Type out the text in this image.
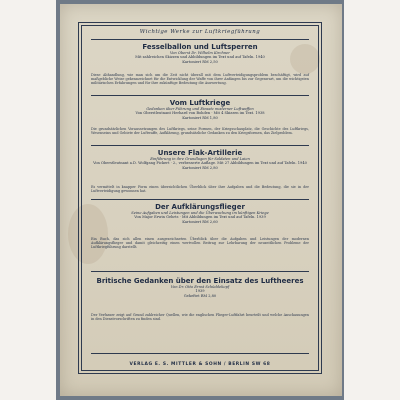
Wichtige Werke zur Luftkriegführung
Fesselballon und Luftsperren
Von Oberst Dr. Wilhelm Kirchner
Mit zahlreichen Skizzen und Abbildungen im Text und auf Tafeln. 1940
Kartoniert RM 2,50
Diese Abhandlung, wie man sich um die Zeit nicht überall mit dem Luftverteidigungsproblem beschäftigt, wird auf maßgebliche Weise gekennzeichnet für die Entwicklung der Waffe von ihrer Anfängen bis zur Gegenwart, um die wichtigsten militärischen Erfahrungen und für ihre zukünftige Bedeutung die Auswertung.
Vom Luftkriege
Gedanken über Führung und Einsatz moderner Luftwaffen
Von Oberstleutnant Herhard von Bohden · Mit 4 Skizzen im Text. 1938
Kartoniert RM 1,80
Die grundsätzlichen Voraussetzungen des Luftkriegs, seine Formen, der Kriegsschauplatz, die Geschichte des Luftkriegs, Wesenseins und Gebiete der Luftwaffe, Aufklärung, grundsätzliche Gedanken zu den Kriegsformen, das Zielproblem.
Unsere Flak-Artillerie
Einführung in ihre Grundlagen für Soldaten und Laien
Von Oberstleutnant a.D. Wolfgang Pickert · 2., verbesserte Auflage. Mit 27 Abbildungen im Text und auf Tafeln. 1940
Kartoniert RM 2,80
Es vermittelt in knapper Form einen übersichtlichen Überblick über ihre Aufgaben und die Bedeutung, die sie in der Luftverteidigung gewonnen hat.
Der Aufklärungsflieger
Seine Aufgaben und Leistungen und die Überwachung im künftigen Kriege
Von Major Erwin Gehrts · Mit Abbildungen im Text und auf Tafeln. 1939
Kartoniert RM 2,60
Ein Buch, das sich allen einen ausgezeichneten Überblick über die Aufgaben und Leistungen der modernen Aufklärungsflieger und damit gleichzeitig einen wertvollen Beitrag zur Lehrbarung der neuzeitlichen Probleme der Luftkriegführung darstellt.
Britische Gedanken über den Einsatz des Luftheeres
Von Dr. Otto Ernst Schüddekopf
1939
Geheftet RM 2,80
Der Verfasser zeigt auf Grund zahlreicher Quellen, wie die englischen Flieger-Luftfahrt beurteilt und welche Anschauungen in den Dienstvorschriften zu finden sind.
VERLAG E. S. MITTLER & SOHN / BERLIN SW 68
